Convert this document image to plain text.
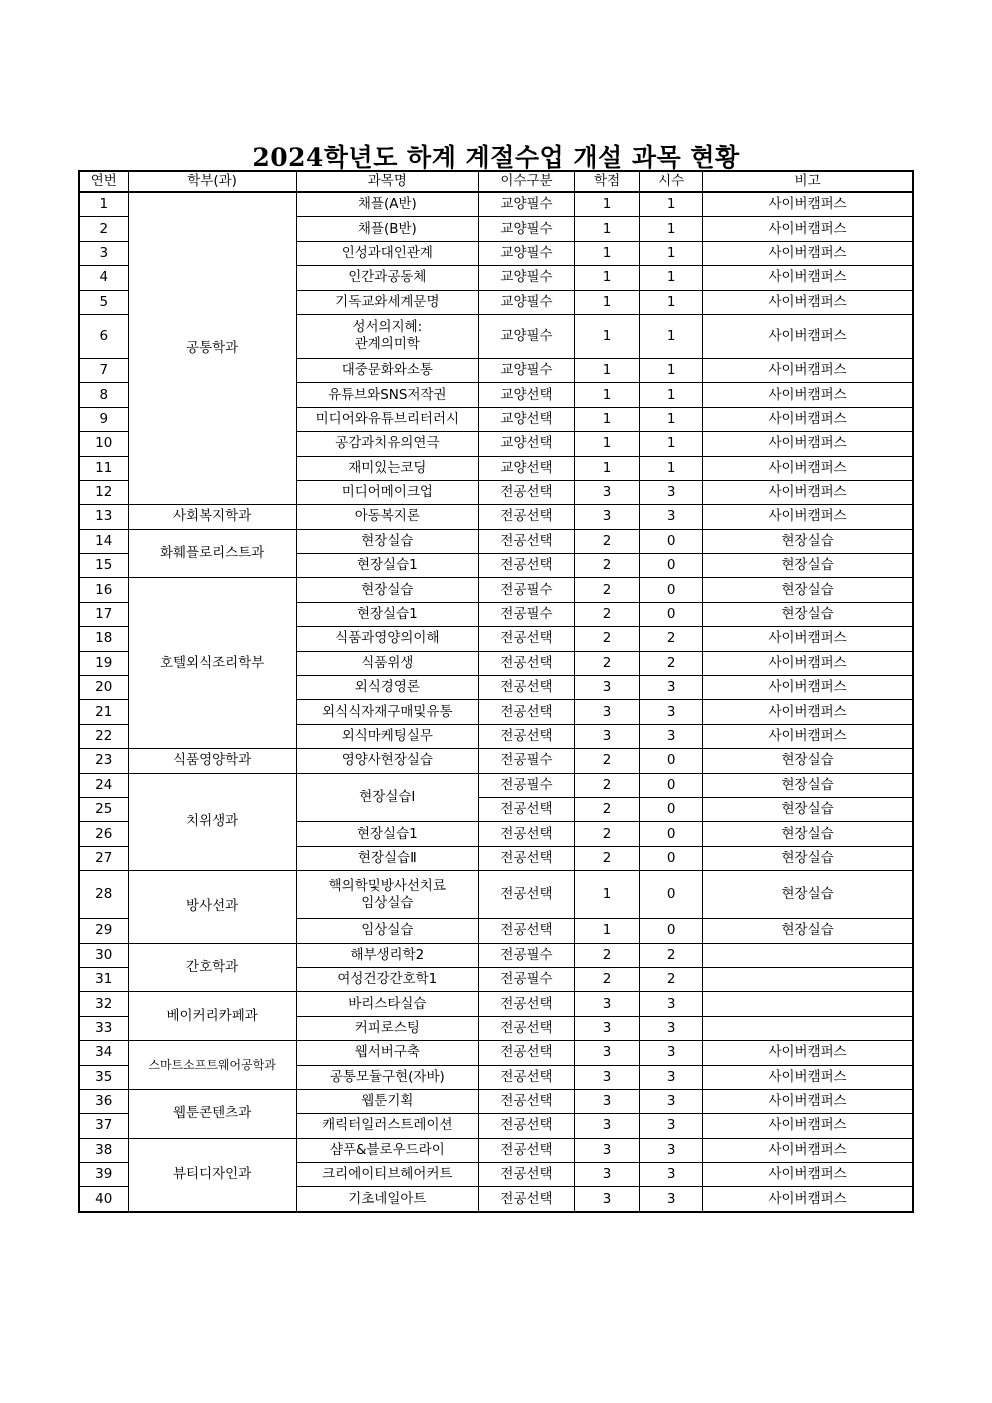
2024학년도 하계 계절수업 개설 과목 현황
연번	학부(과)	과목명	이수구분	학점	시수	비고
1	공통학과	채플(A반)	교양필수	1	1	사이버캠퍼스
2		채플(B반)	교양필수	1	1	사이버캠퍼스
3		인성과대인관계	교양필수	1	1	사이버캠퍼스
4		인간과공동체	교양필수	1	1	사이버캠퍼스
5		기독교와세계문명	교양필수	1	1	사이버캠퍼스
6		성서의지혜:
관계의미학	교양필수	1	1	사이버캠퍼스
7		대중문화와소통	교양필수	1	1	사이버캠퍼스
8		유튜브와SNS저작권	교양선택	1	1	사이버캠퍼스
9		미디어와유튜브리터러시	교양선택	1	1	사이버캠퍼스
10		공감과치유의연극	교양선택	1	1	사이버캠퍼스
11		재미있는코딩	교양선택	1	1	사이버캠퍼스
12		미디어메이크업	전공선택	3	3	사이버캠퍼스
13	사회복지학과	아동복지론	전공선택	3	3	사이버캠퍼스
14	화훼플로리스트과	현장실습	전공선택	2	0	현장실습
15		현장실습1	전공선택	2	0	현장실습
16	호텔외식조리학부	현장실습	전공필수	2	0	현장실습
17		현장실습1	전공필수	2	0	현장실습
18		식품과영양의이해	전공선택	2	2	사이버캠퍼스
19		식품위생	전공선택	2	2	사이버캠퍼스
20		외식경영론	전공선택	3	3	사이버캠퍼스
21		외식식자재구매및유통	전공선택	3	3	사이버캠퍼스
22		외식마케팅실무	전공선택	3	3	사이버캠퍼스
23	식품영양학과	영양사현장실습	전공필수	2	0	현장실습
24	치위생과	현장실습Ⅰ	전공필수	2	0	현장실습
25			전공선택	2	0	현장실습
26		현장실습1	전공선택	2	0	현장실습
27		현장실습Ⅱ	전공선택	2	0	현장실습
28	방사선과	핵의학및방사선치료
임상실습	전공선택	1	0	현장실습
29		임상실습	전공선택	1	0	현장실습
30	간호학과	해부생리학2	전공필수	2	2	
31		여성건강간호학1	전공필수	2	2	
32	베이커리카페과	바리스타실습	전공선택	3	3	
33		커피로스팅	전공선택	3	3	
34	스마트소프트웨어공학과	웹서버구축	전공선택	3	3	사이버캠퍼스
35		공통모듈구현(자바)	전공선택	3	3	사이버캠퍼스
36	웹툰콘텐츠과	웹툰기획	전공선택	3	3	사이버캠퍼스
37		캐릭터일러스트레이션	전공선택	3	3	사이버캠퍼스
38	뷰티디자인과	샴푸&블로우드라이	전공선택	3	3	사이버캠퍼스
39		크리에이티브헤어커트	전공선택	3	3	사이버캠퍼스
40		기초네일아트	전공선택	3	3	사이버캠퍼스
